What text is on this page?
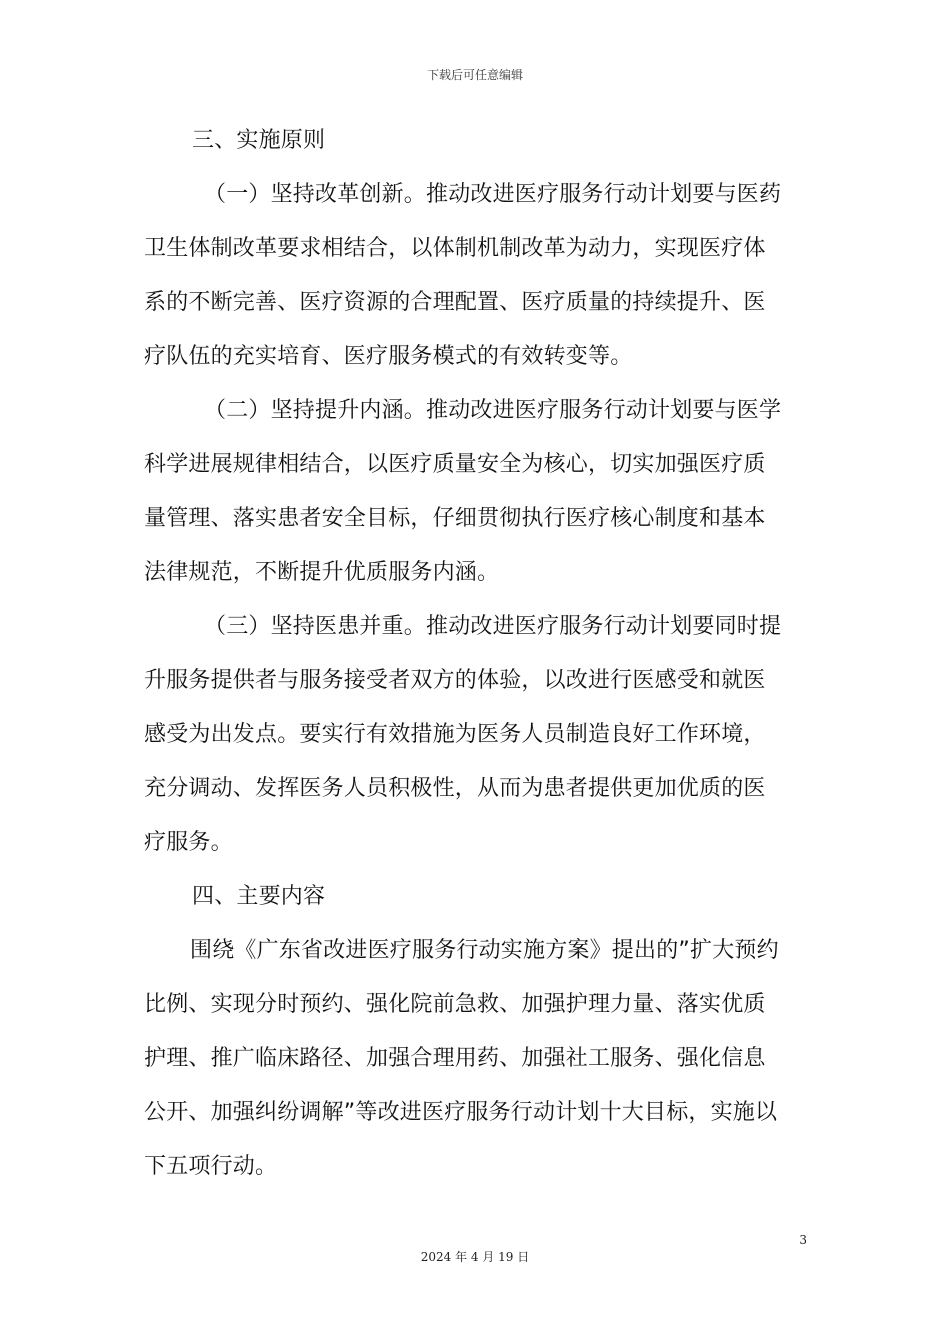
下载后可任意编辑
三、实施原则
（一）坚持改革创新。推动改进医疗服务行动计划要与医药
卫生体制改革要求相结合，以体制机制改革为动力，实现医疗体
系的不断完善、医疗资源的合理配置、医疗质量的持续提升、医
疗队伍的充实培育、医疗服务模式的有效转变等。
（二）坚持提升内涵。推动改进医疗服务行动计划要与医学
科学进展规律相结合，以医疗质量安全为核心，切实加强医疗质
量管理、落实患者安全目标，仔细贯彻执行医疗核心制度和基本
法律规范，不断提升优质服务内涵。
（三）坚持医患并重。推动改进医疗服务行动计划要同时提
升服务提供者与服务接受者双方的体验，以改进行医感受和就医
感受为出发点。要实行有效措施为医务人员制造良好工作环境，
充分调动、发挥医务人员积极性，从而为患者提供更加优质的医
疗服务。
四、主要内容
围绕《广东省改进医疗服务行动实施方案》提出的”扩大预约
比例、实现分时预约、强化院前急救、加强护理力量、落实优质
护理、推广临床路径、加强合理用药、加强社工服务、强化信息
公开、加强纠纷调解”等改进医疗服务行动计划十大目标，实施以
下五项行动。
3
2024 年 4 月 19 日
